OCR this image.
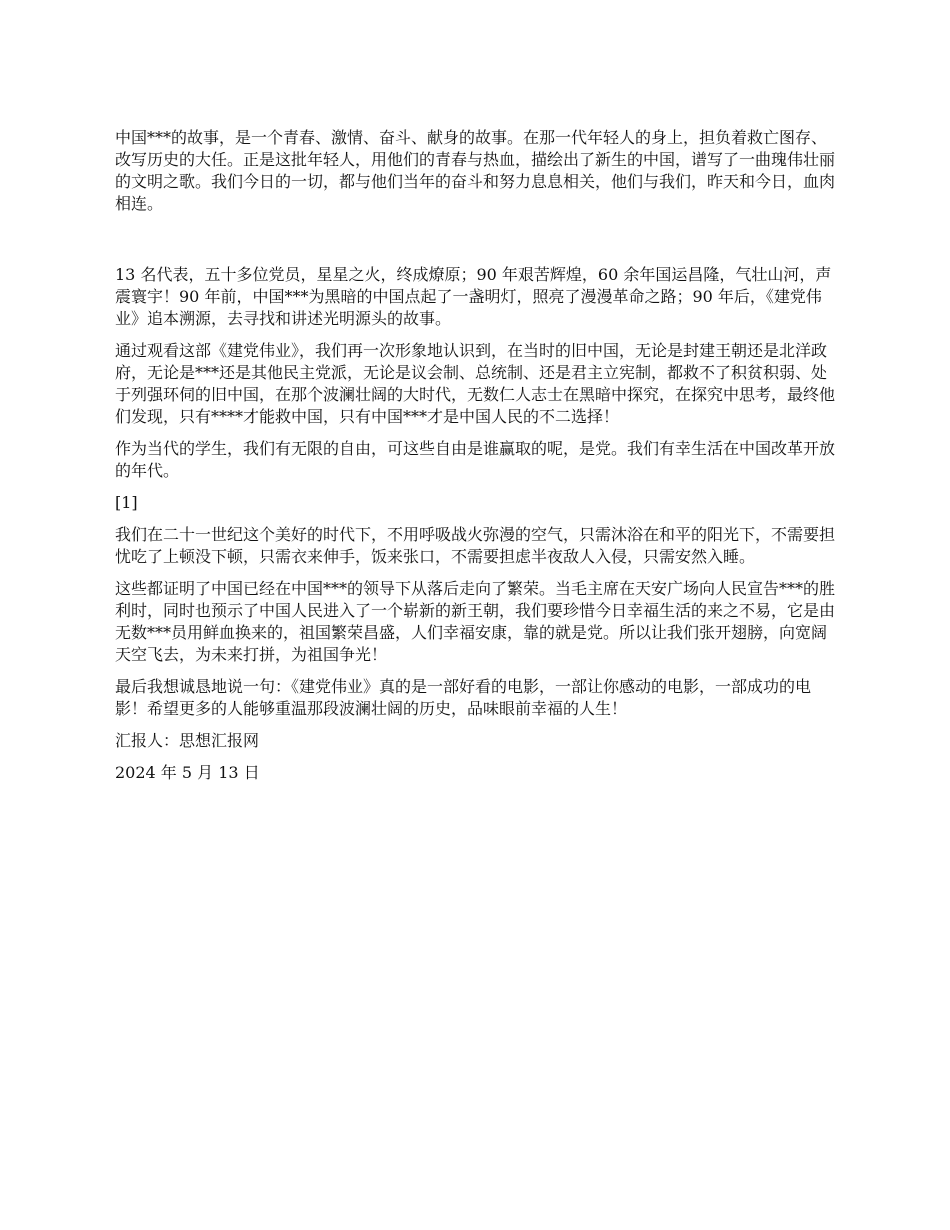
中国***的故事，是一个青春、激情、奋斗、献身的故事。在那一代年轻人的身上，担负着救亡图存、改写历史的大任。正是这批年轻人，用他们的青春与热血，描绘出了新生的中国，谱写了一曲瑰伟壮丽的文明之歌。我们今日的一切，都与他们当年的奋斗和努力息息相关，他们与我们，昨天和今日，血肉相连。

13 名代表，五十多位党员，星星之火，终成燎原；90 年艰苦辉煌，60 余年国运昌隆，气壮山河，声震寰宇！90 年前，中国***为黑暗的中国点起了一盏明灯，照亮了漫漫革命之路；90 年后，《建党伟业》追本溯源，去寻找和讲述光明源头的故事。

通过观看这部《建党伟业》，我们再一次形象地认识到，在当时的旧中国，无论是封建王朝还是北洋政府，无论是***还是其他民主党派，无论是议会制、总统制、还是君主立宪制，都救不了积贫积弱、处于列强环伺的旧中国，在那个波澜壮阔的大时代，无数仁人志士在黑暗中探究，在探究中思考，最终他们发现，只有****才能救中国，只有中国***才是中国人民的不二选择！

作为当代的学生，我们有无限的自由，可这些自由是谁赢取的呢，是党。我们有幸生活在中国改革开放的年代。

[1]

我们在二十一世纪这个美好的时代下，不用呼吸战火弥漫的空气，只需沐浴在和平的阳光下，不需要担忧吃了上顿没下顿，只需衣来伸手，饭来张口，不需要担虑半夜敌人入侵，只需安然入睡。

这些都证明了中国已经在中国***的领导下从落后走向了繁荣。当毛主席在天安广场向人民宣告***的胜利时，同时也预示了中国人民进入了一个崭新的新王朝，我们要珍惜今日幸福生活的来之不易，它是由无数***员用鲜血换来的，祖国繁荣昌盛，人们幸福安康，靠的就是党。所以让我们张开翅膀，向宽阔天空飞去，为未来打拼，为祖国争光！

最后我想诚恳地说一句：《建党伟业》真的是一部好看的电影，一部让你感动的电影，一部成功的电影！希望更多的人能够重温那段波澜壮阔的历史，品味眼前幸福的人生！

汇报人：思想汇报网

2024 年 5 月 13 日
